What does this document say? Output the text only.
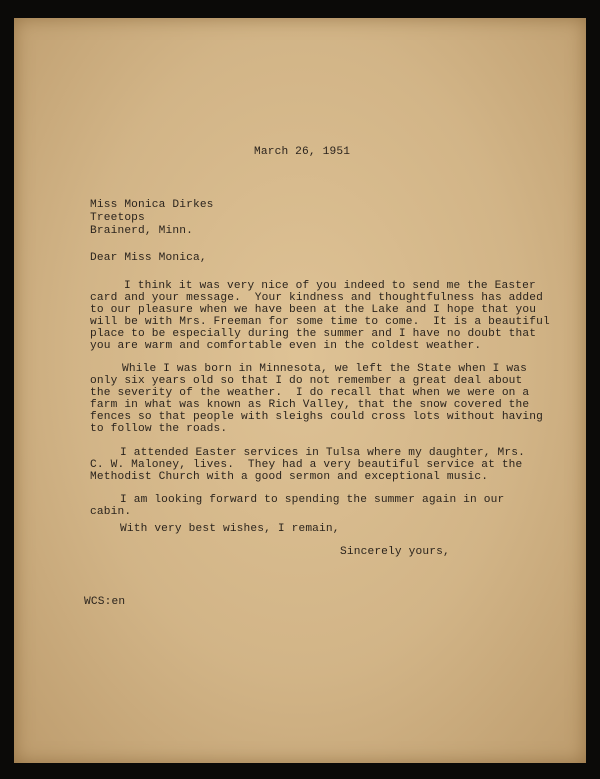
March 26, 1951
Miss Monica Dirkes
Treetops
Brainerd, Minn.
Dear Miss Monica,
I think it was very nice of you indeed to send me the Easter
card and your message.  Your kindness and thoughtfulness has added
to our pleasure when we have been at the Lake and I hope that you
will be with Mrs. Freeman for some time to come.  It is a beautiful
place to be especially during the summer and I have no doubt that
you are warm and comfortable even in the coldest weather.
While I was born in Minnesota, we left the State when I was
only six years old so that I do not remember a great deal about
the severity of the weather.  I do recall that when we were on a
farm in what was known as Rich Valley, that the snow covered the
fences so that people with sleighs could cross lots without having
to follow the roads.
I attended Easter services in Tulsa where my daughter, Mrs.
C. W. Maloney, lives.  They had a very beautiful service at the
Methodist Church with a good sermon and exceptional music.
I am looking forward to spending the summer again in our
cabin.
With very best wishes, I remain,
Sincerely yours,
WCS:en
